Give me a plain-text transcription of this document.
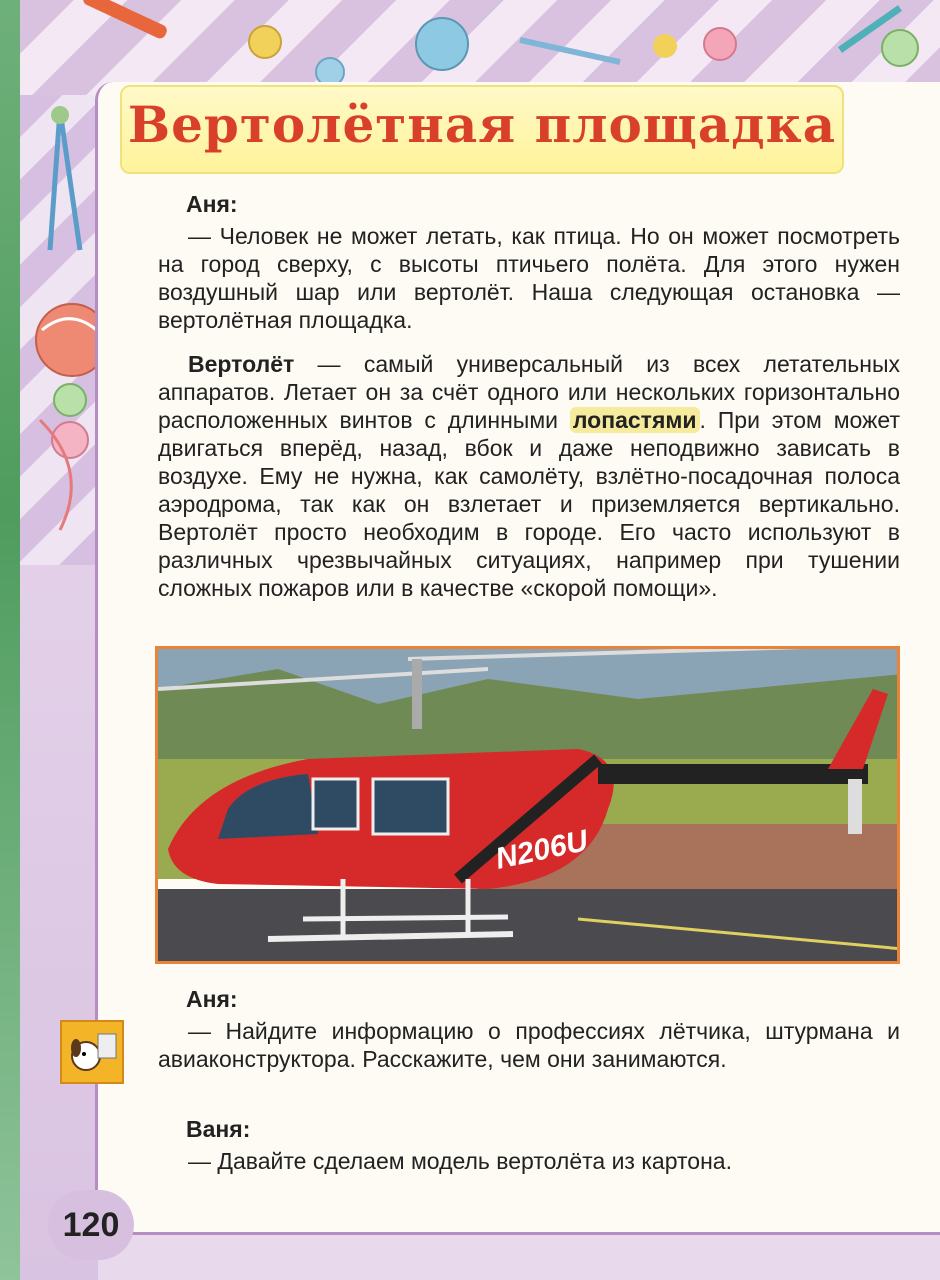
Вертолётная площадка
Аня:
— Человек не может летать, как птица. Но он может посмотреть на город сверху, с высоты птичьего полёта. Для этого нужен воздушный шар или вертолёт. Наша следующая остановка — вертолётная площадка.
Вертолёт — самый универсальный из всех летательных аппаратов. Летает он за счёт одного или нескольких горизонтально расположенных винтов с длинными лопастями . При этом может двигаться вперёд, назад, вбок и даже неподвижно зависать в воздухе. Ему не нужна, как самолёту, взлётно-посадочная полоса аэродрома, так как он взлетает и приземляется вертикально. Вертолёт просто необходим в городе. Его часто используют в различных чрезвычайных ситуациях, например при тушении сложных пожаров или в качестве «скорой помощи».
N206U
Аня:
— Найдите информацию о профессиях лётчика, штурмана и авиаконструктора. Расскажите, чем они занимаются.
Ваня:
— Давайте сделаем модель вертолёта из картона.
120
